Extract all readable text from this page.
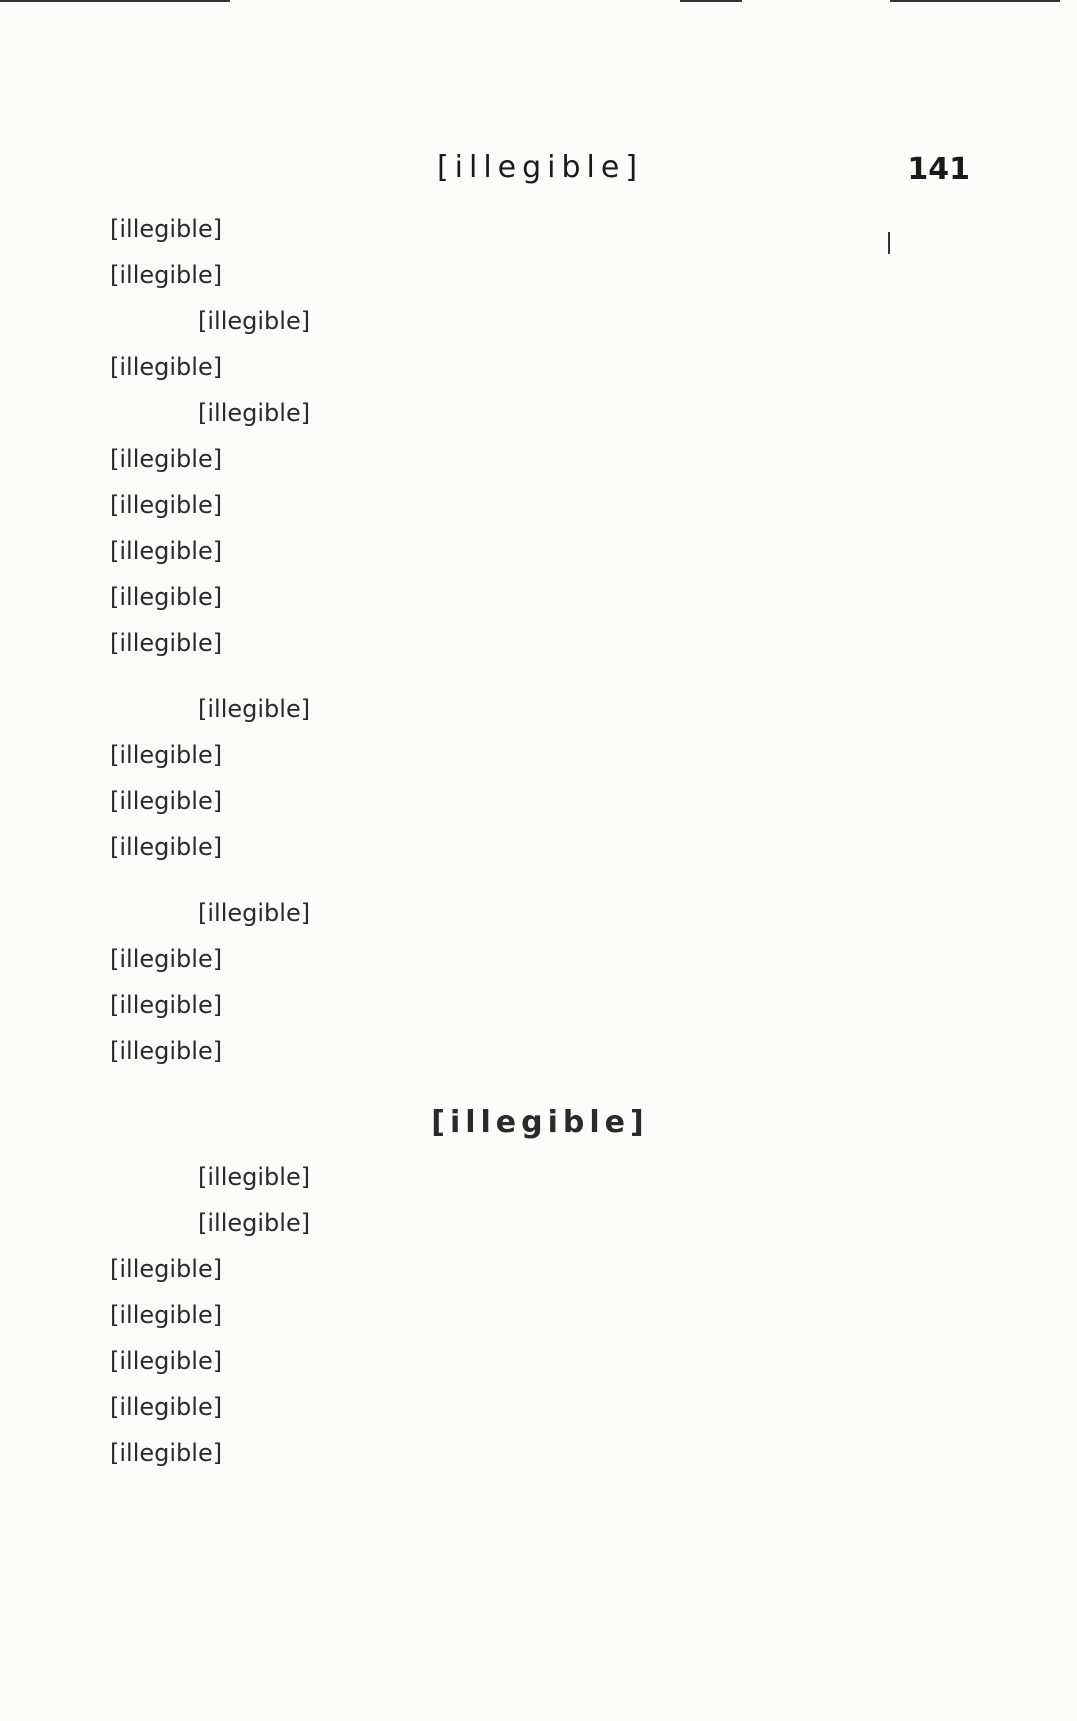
[illegible]	141
[illegible]
[illegible]
[illegible]
[illegible]
[illegible]
[illegible]
[illegible]
[illegible]
[illegible]
[illegible]
[illegible]
[illegible]
[illegible]
[illegible]
[illegible]
[illegible]
[illegible]
[illegible]
[illegible]
[illegible]
[illegible]
[illegible]
[illegible]
[illegible]
[illegible]
[illegible]
